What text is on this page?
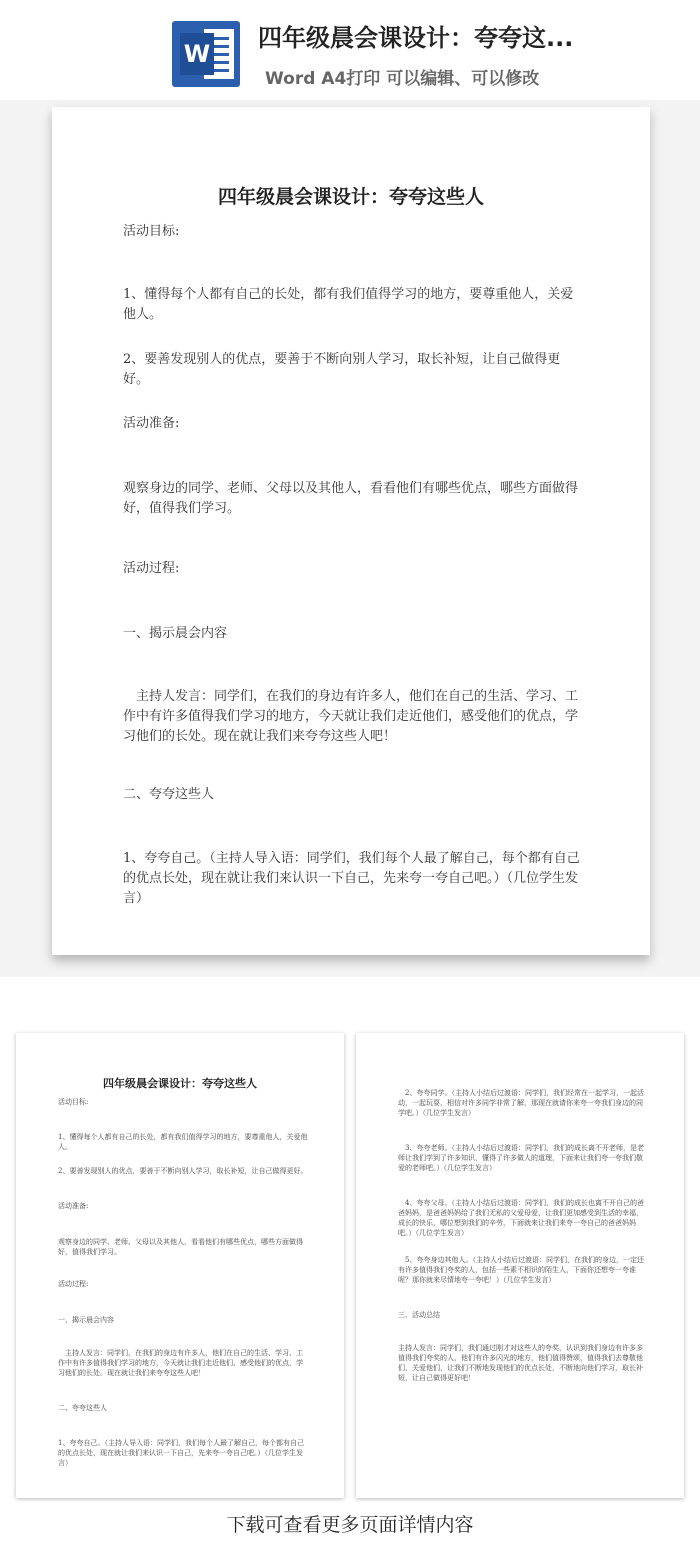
W
四年级晨会课设计：夸夸这...
Word A4打印 可以编辑、可以修改
四年级晨会课设计：夸夸这些人

活动目标:

1、懂得每个人都有自己的长处，都有我们值得学习的地方，要尊重他人，关爱他人。

2、要善发现别人的优点，要善于不断向别人学习，取长补短，让自己做得更好。

活动准备:

观察身边的同学、老师、父母以及其他人，看看他们有哪些优点，哪些方面做得好，值得我们学习。

活动过程:

一、揭示晨会内容

主持人发言：同学们，在我们的身边有许多人，他们在自己的生活、学习、工作中有许多值得我们学习的地方，今天就让我们走近他们，感受他们的优点，学习他们的长处。现在就让我们来夸夸这些人吧！

二、夸夸这些人

1、夸夸自己。（主持人导入语：同学们，我们每个人最了解自己，每个都有自己的优点长处，现在就让我们来认识一下自己，先来夸一夸自己吧。）（几位学生发言）

四年级晨会课设计：夸夸这些人

活动目标:

1、懂得每个人都有自己的长处，都有我们值得学习的地方，要尊重他人，关爱他人。

2、要善发现别人的优点，要善于不断向别人学习，取长补短，让自己做得更好。

活动准备:

观察身边的同学、老师、父母以及其他人，看看他们有哪些优点，哪些方面做得好，值得我们学习。

活动过程:

一、揭示晨会内容

主持人发言：同学们，在我们的身边有许多人，他们在自己的生活、学习、工作中有许多值得我们学习的地方，今天就让我们走近他们，感受他们的优点，学习他们的长处。现在就让我们来夸夸这些人吧！

二、夸夸这些人

1、夸夸自己。（主持人导入语：同学们，我们每个人最了解自己，每个都有自己的优点长处，现在就让我们来认识一下自己，先来夸一夸自己吧。）（几位学生发言）

2、夸夸同学。（主持人小结后过渡语：同学们，我们经常在一起学习，一起活动，一起玩耍，相信对许多同学非常了解，那现在就请你来夸一夸我们身边的同学吧。）（几位学生发言）

3、夸夸老师。（主持人小结后过渡语：同学们，我们的成长离不开老师，是老师让我们学到了许多知识，懂得了许多做人的道理，下面来让我们夸一夸我们敬爱的老师吧。）（几位学生发言）

4、夸夸父母。（主持人小结后过渡语：同学们，我们的成长也离不开自己的爸爸妈妈，是爸爸妈妈给了我们无私的父爱母爱，让我们更加感受到生活的幸福，成长的快乐，哪位想到我们的辛劳，下面就来让我们来夸一夸自己的爸爸妈妈吧。）（几位学生发言）

5、夸夸身边其他人。（主持人小结后过渡语：同学们，在我们的身边，一定还有许多值得我们夸奖的人，包括一些素不相识的陌生人，下面你还想夸一夸谁呢？那你就来尽情地夸一夸吧！）（几位学生发言）

三、活动总结

主持人发言：同学们，我们通过刚才对这些人的夸奖，认识到我们身边有许多多值得我们夸奖的人，他们有许多闪光的地方，他们值得赞颂，值得我们去尊敬他们，关爱他们，让我们不断地发现他们的优点长处，不断地向他们学习，取长补短，让自己做得更好吧！

下载可查看更多页面详情内容
